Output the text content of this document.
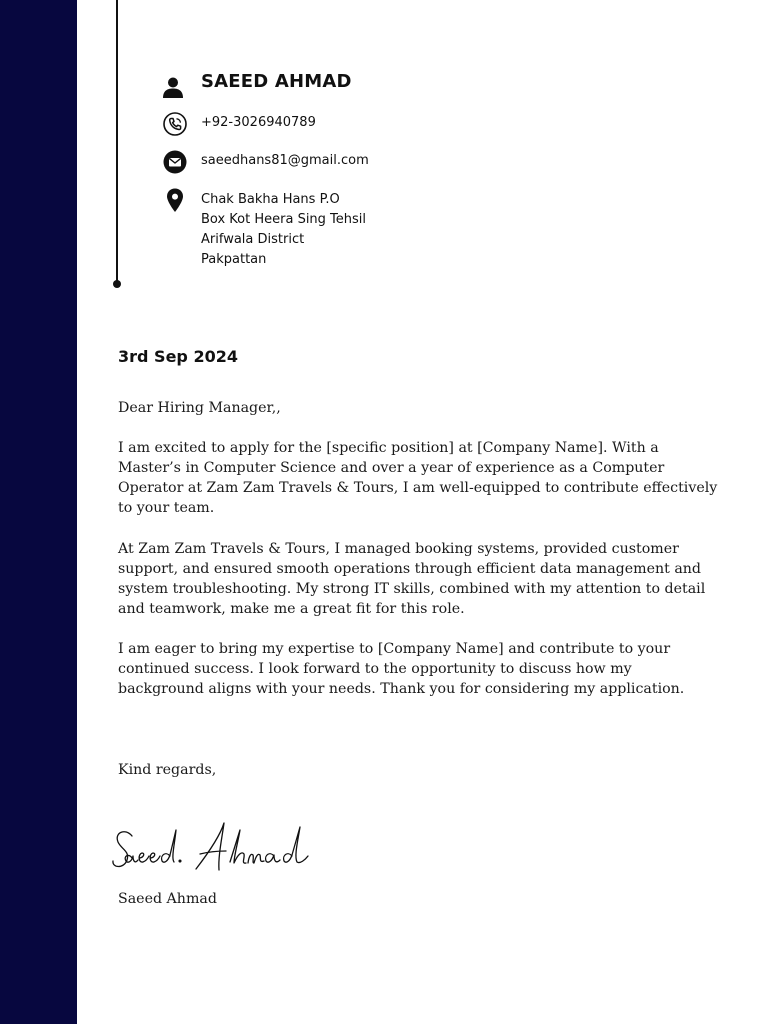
SAEED AHMAD
+92-3026940789
saeedhans81@gmail.com
Chak Bakha Hans P.O
Box Kot Heera Sing Tehsil
Arifwala District
Pakpattan
3rd Sep 2024
Dear Hiring Manager,,

I am excited to apply for the [specific position] at [Company Name]. With a Master’s in Computer Science and over a year of experience as a Computer Operator at Zam Zam Travels & Tours, I am well-equipped to contribute effectively to your team.

At Zam Zam Travels & Tours, I managed booking systems, provided customer support, and ensured smooth operations through efficient data management and system troubleshooting. My strong IT skills, combined with my attention to detail and teamwork, make me a great fit for this role.

I am eager to bring my expertise to [Company Name] and contribute to your continued success. I look forward to the opportunity to discuss how my background aligns with your needs. Thank you for considering my application.

Kind regards,
Saeed Ahmad
